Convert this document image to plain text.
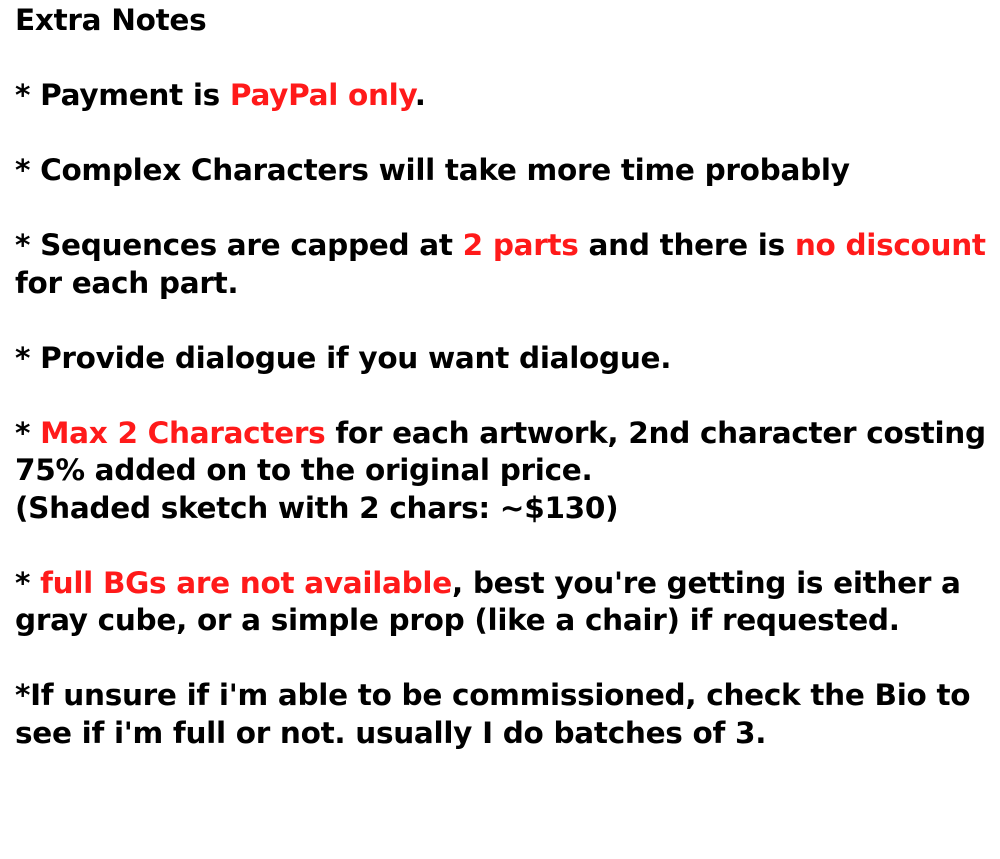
Extra Notes

* Payment is PayPal only.

* Complex Characters will take more time probably

* Sequences are capped at 2 parts and there is no discount for each part.

* Provide dialogue if you want dialogue.

* Max 2 Characters for each artwork, 2nd character costing 75% added on to the original price.
(Shaded sketch with 2 chars: ~$130)

* full BGs are not available, best you're getting is either a gray cube, or a simple prop (like a chair) if requested.

*If unsure if i'm able to be commissioned, check the Bio to see if i'm full or not. usually I do batches of 3.
